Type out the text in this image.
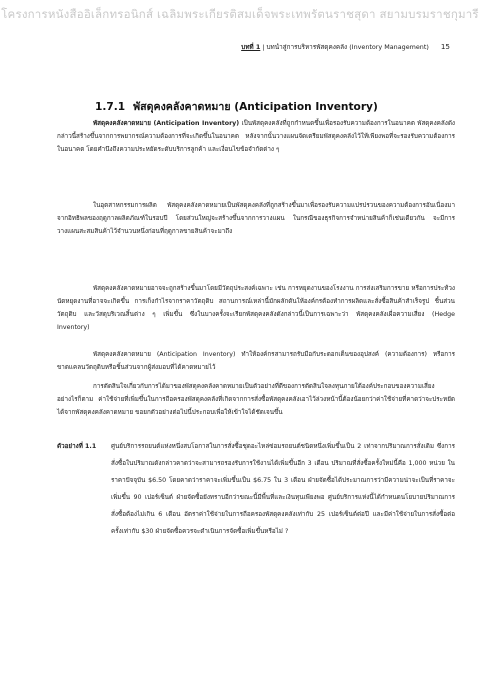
โครงการหนังสืออิเล็กทรอนิกส์ เฉลิมพระเกียรติสมเด็จพระเทพรัตนราชสุดา สยามบรมราชกุมารี
บทที่ 1 | บทนำสู่การบริหารพัสดุคงคลัง (Inventory Management) 15
1.7.1 พัสดุคงคลังคาดหมาย (Anticipation Inventory)
พัสดุคงคลังคาดหมาย (Anticipation Inventory) เป็นพัสดุคงคลังที่ถูกกำหนดขึ้นเพื่อรองรับความต้องการในอนาคต พัสดุคงคลังดังกล่าวนี้สร้างขึ้นจากการพยากรณ์ความต้องการที่จะเกิดขึ้นในอนาคต หลังจากนั้นวางแผนจัดเตรียมพัสดุคงคลังไว้ให้เพียงพอที่จะรองรับความต้องการในอนาคต โดยคำนึงถึงความประหยัดระดับบริการลูกค้า และเงื่อนไขข้อจำกัดต่าง ๆ
ในอุตสาหกรรมการผลิต พัสดุคงคลังคาดหมายเป็นพัสดุคงคลังที่ถูกสร้างขึ้นมาเพื่อรองรับความแปรปรวนของความต้องการอันเนื่องมาจากอิทธิพลของฤดูกาลผลิตภัณฑ์ในรอบปี โดยส่วนใหญ่จะสร้างขึ้นจากการวางแผน ในกรณีของธุรกิจการจำหน่ายสินค้าก็เช่นเดียวกัน จะมีการวางแผนสะสมสินค้าไว้จำนวนหนึ่งก่อนที่ฤดูกาลขายสินค้าจะมาถึง
พัสดุคงคลังคาดหมายอาจจะถูกสร้างขึ้นมาโดยมีวัตถุประสงค์เฉพาะ เช่น การหยุดงานของโรงงาน การส่งเสริมการขาย หรือการประท้วงนัดหยุดงานที่อาจจะเกิดขึ้น การเก็งกำไรจากราคาวัตถุดิบ สถานการณ์เหล่านี้มักผลักดันให้องค์กรต้องทำการผลิตและสั่งซื้อสินค้าสำเร็จรูป ชิ้นส่วน วัตถุดิบ และวัสดุบริเวณสิ้นต่าง ๆ เพิ่มขึ้น ซึ่งในบางครั้งจะเรียกพัสดุคงคลังดังกล่าวนี้เป็นการเฉพาะว่า พัสดุคงคลังเผื่อความเสี่ยง (Hedge Inventory)
พัสดุคงคลังคาดหมาย (Anticipation Inventory) ทำให้องค์กรสามารถรับมือกับระดอกเต็นของอุปสงค์ (ความต้องการ) หรือการขาดแคลนวัตถุดิบหรือชิ้นส่วนจากผู้ส่งมอบที่ได้คาดหมายไว้
การตัดสินใจเกี่ยวกับการได้มาของพัสดุคงคลังคาดหมายเป็นตัวอย่างที่ดีของการตัดสินใจลงทุนภายใต้องค์ประกอบของความเสี่ยง อย่างไรก็ตาม ค่าใช้จ่ายที่เพิ่มขึ้นในการถือครองพัสดุคงคลังที่เกิดจากการสั่งซื้อพัสดุคงคลังเอาไว้ล่วงหน้านี้ต้องน้อยกว่าค่าใช้จ่ายที่คาดว่าจะประหยัดได้จากพัสดุคงคลังคาดหมาย ขอยกตัวอย่างต่อไปนี้ประกอบเพื่อให้เข้าใจได้ชัดเจนขึ้น
ตัวอย่างที่ 1.1 ศูนย์บริการรถยนต์แห่งหนึ่งสบโอกาสในการสั่งซื้อชุดอะไหล่ซ่อมรถยนต์ชนิดหนึ่งเพิ่มขึ้นเป็น 2 เท่าจากปริมาณการสั่งเดิม ซึ่งการสั่งซื้อในปริมาณดังกล่าวคาดว่าจะสามารถรองรับการใช้งานได้เพิ่มขึ้นอีก 3 เดือน ปริมาณที่สั่งซื้อครั้งใหม่นี้คือ 1,000 หน่วย ในราคาปัจจุบัน $6.50 โดยคาดว่าราคาจะเพิ่มขึ้นเป็น $6.75 ใน 3 เดือน ฝ่ายจัดซื้อได้ประมาณการว่ามีความน่าจะเป็นที่ราคาจะเพิ่มขึ้น 90 เปอร์เซ็นต์ ฝ่ายจัดซื้อยังทราบอีกว่าขณะนี้มีพื้นที่และเงินทุนเพียงพอ ศูนย์บริการแห่งนี้ได้กำหนดนโยบายปริมาณการสั่งซื้อต้องไม่เกิน 6 เดือน อัตราค่าใช้จ่ายในการถือครองพัสดุคงคลังเท่ากับ 25 เปอร์เซ็นต์ต่อปี และมีค่าใช้จ่ายในการสั่งซื้อต่อครั้งเท่ากับ $30 ฝ่ายจัดซื้อควรจะดำเนินการจัดซื้อเพิ่มขึ้นหรือไม่ ?
